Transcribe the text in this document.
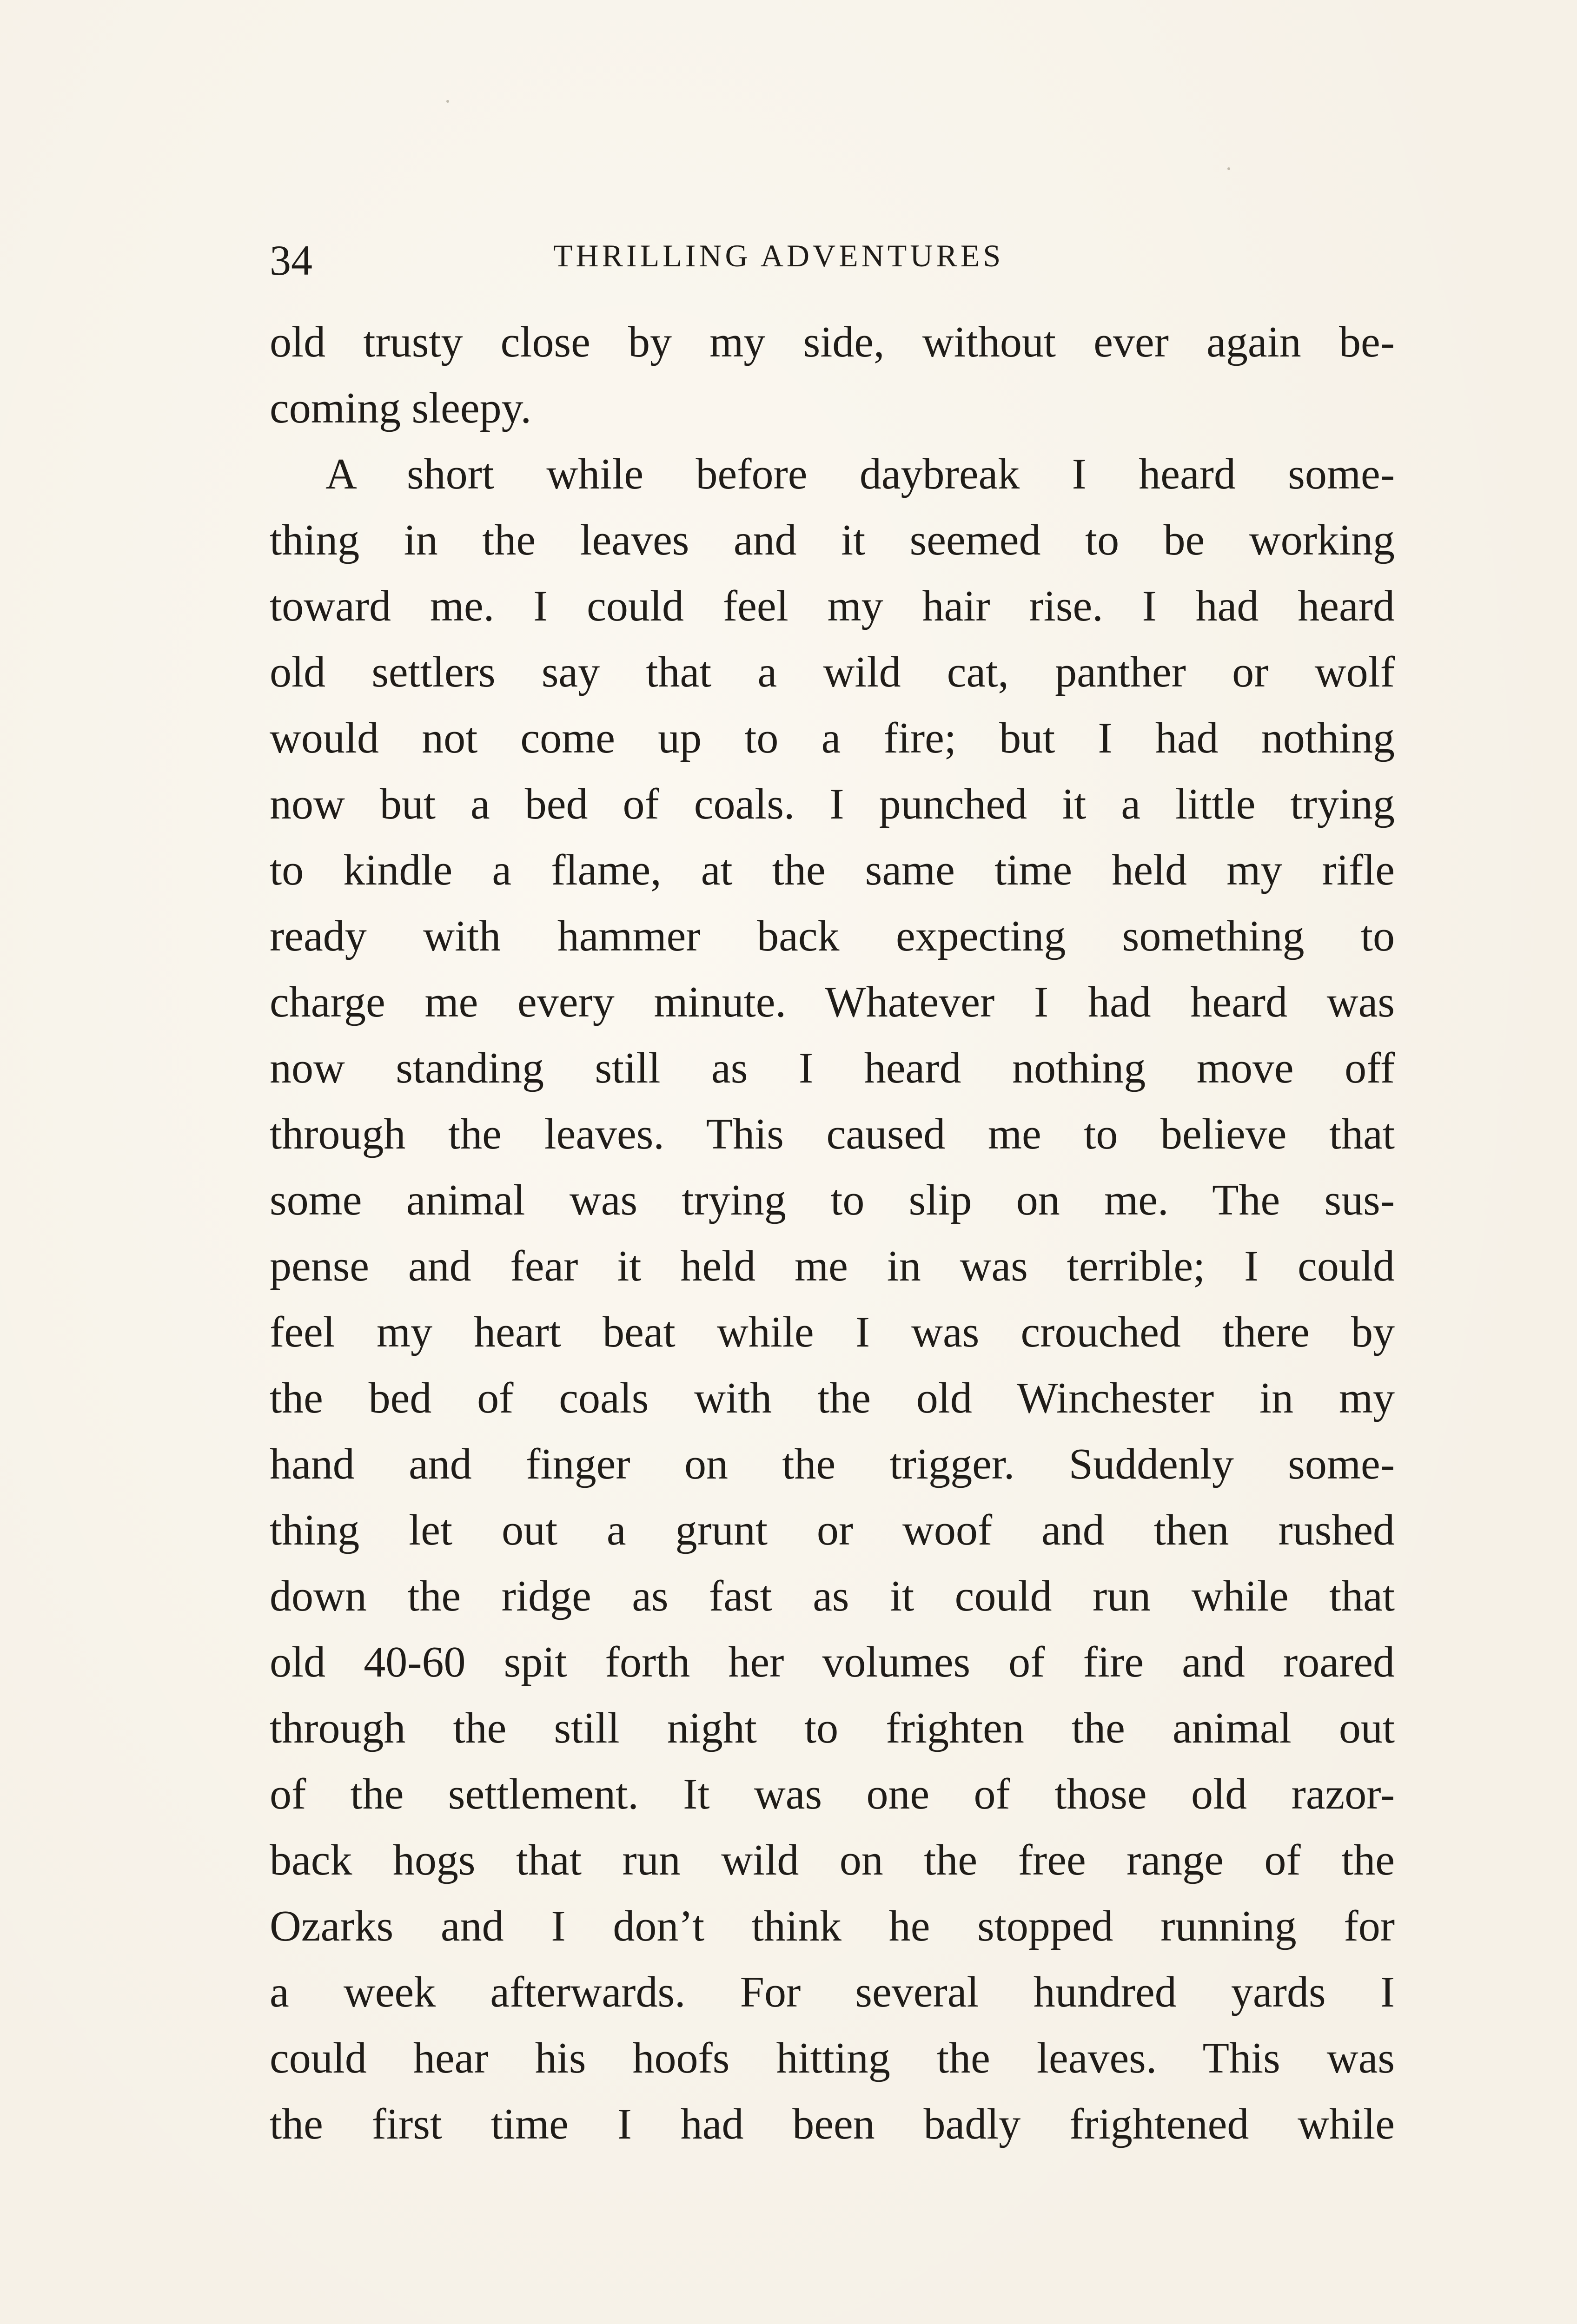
34	THRILLING ADVENTURES
old trusty close by my side, without ever again be-
coming sleepy.
A short while before daybreak I heard some-
thing in the leaves and it seemed to be working
toward me. I could feel my hair rise. I had heard
old settlers say that a wild cat, panther or wolf
would not come up to a fire; but I had nothing
now but a bed of coals. I punched it a little trying
to kindle a flame, at the same time held my rifle
ready with hammer back expecting something to
charge me every minute. Whatever I had heard was
now standing still as I heard nothing move off
through the leaves. This caused me to believe that
some animal was trying to slip on me. The sus-
pense and fear it held me in was terrible; I could
feel my heart beat while I was crouched there by
the bed of coals with the old Winchester in my
hand and finger on the trigger. Suddenly some-
thing let out a grunt or woof and then rushed
down the ridge as fast as it could run while that
old 40-60 spit forth her volumes of fire and roared
through the still night to frighten the animal out
of the settlement. It was one of those old razor-
back hogs that run wild on the free range of the
Ozarks and I don’t think he stopped running for
a week afterwards. For several hundred yards I
could hear his hoofs hitting the leaves. This was
the first time I had been badly frightened while
